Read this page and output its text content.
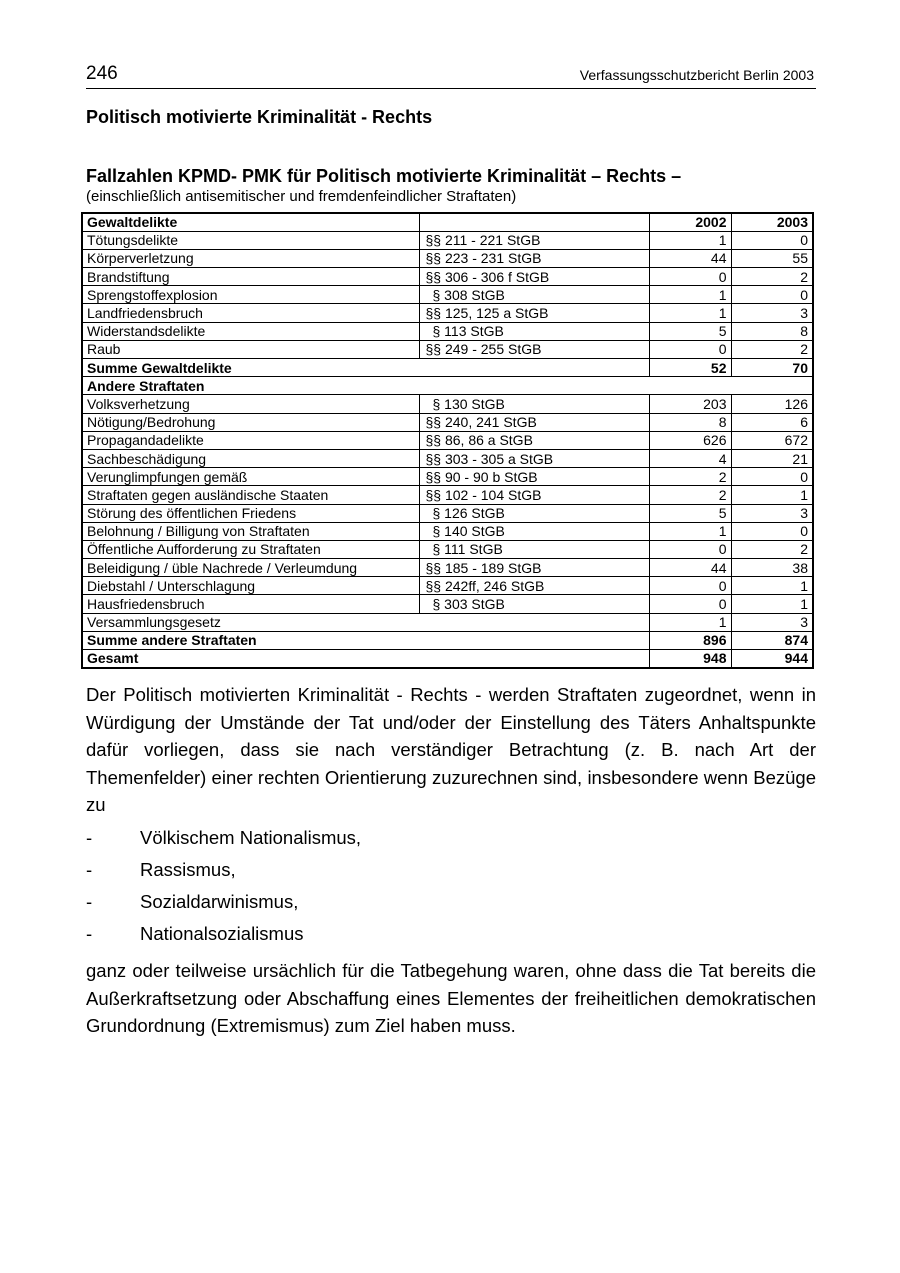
246	Verfassungsschutzbericht Berlin 2003
Politisch motivierte Kriminalität - Rechts
Fallzahlen KPMD- PMK für Politisch motivierte Kriminalität – Rechts –
(einschließlich antisemitischer und fremdenfeindlicher Straftaten)
Gewaltdelikte		2002	2003
Tötungsdelikte	§§ 211 - 221 StGB	1	0
Körperverletzung	§§ 223 - 231 StGB	44	55
Brandstiftung	§§ 306 - 306 f StGB	0	2
Sprengstoffexplosion	§ 308 StGB	1	0
Landfriedensbruch	§§ 125, 125 a StGB	1	3
Widerstandsdelikte	§ 113 StGB	5	8
Raub	§§ 249 - 255 StGB	0	2
Summe Gewaltdelikte		52	70
Andere Straftaten			
Volksverhetzung	§ 130 StGB	203	126
Nötigung/Bedrohung	§§ 240, 241 StGB	8	6
Propagandadelikte	§§ 86, 86 a StGB	626	672
Sachbeschädigung	§§ 303 - 305 a StGB	4	21
Verunglimpfungen gemäß	§§ 90 - 90 b StGB	2	0
Straftaten gegen ausländische Staaten	§§ 102 - 104 StGB	2	1
Störung des öffentlichen Friedens	§ 126 StGB	5	3
Belohnung / Billigung von Straftaten	§ 140 StGB	1	0
Öffentliche Aufforderung zu Straftaten	§ 111 StGB	0	2
Beleidigung / üble Nachrede / Verleumdung	§§ 185 - 189 StGB	44	38
Diebstahl / Unterschlagung	§§ 242ff, 246 StGB	0	1
Hausfriedensbruch	§ 303 StGB	0	1
Versammlungsgesetz		1	3
Summe andere Straftaten		896	874
Gesamt		948	944
Der Politisch motivierten Kriminalität - Rechts - werden Straftaten zugeordnet, wenn in Würdigung der Umstände der Tat und/oder der Einstellung des Täters Anhaltspunkte dafür vorliegen, dass sie nach verständiger Betrachtung (z. B. nach Art der Themenfelder) einer rechten Orientierung zuzurechnen sind, insbesondere wenn Bezüge zu
-	Völkischem Nationalismus,
-	Rassismus,
-	Sozialdarwinismus,
-	Nationalsozialismus
ganz oder teilweise ursächlich für die Tatbegehung waren, ohne dass die Tat bereits die Außerkraftsetzung oder Abschaffung eines Elementes der freiheitlichen demokratischen Grundordnung (Extremismus) zum Ziel haben muss.
